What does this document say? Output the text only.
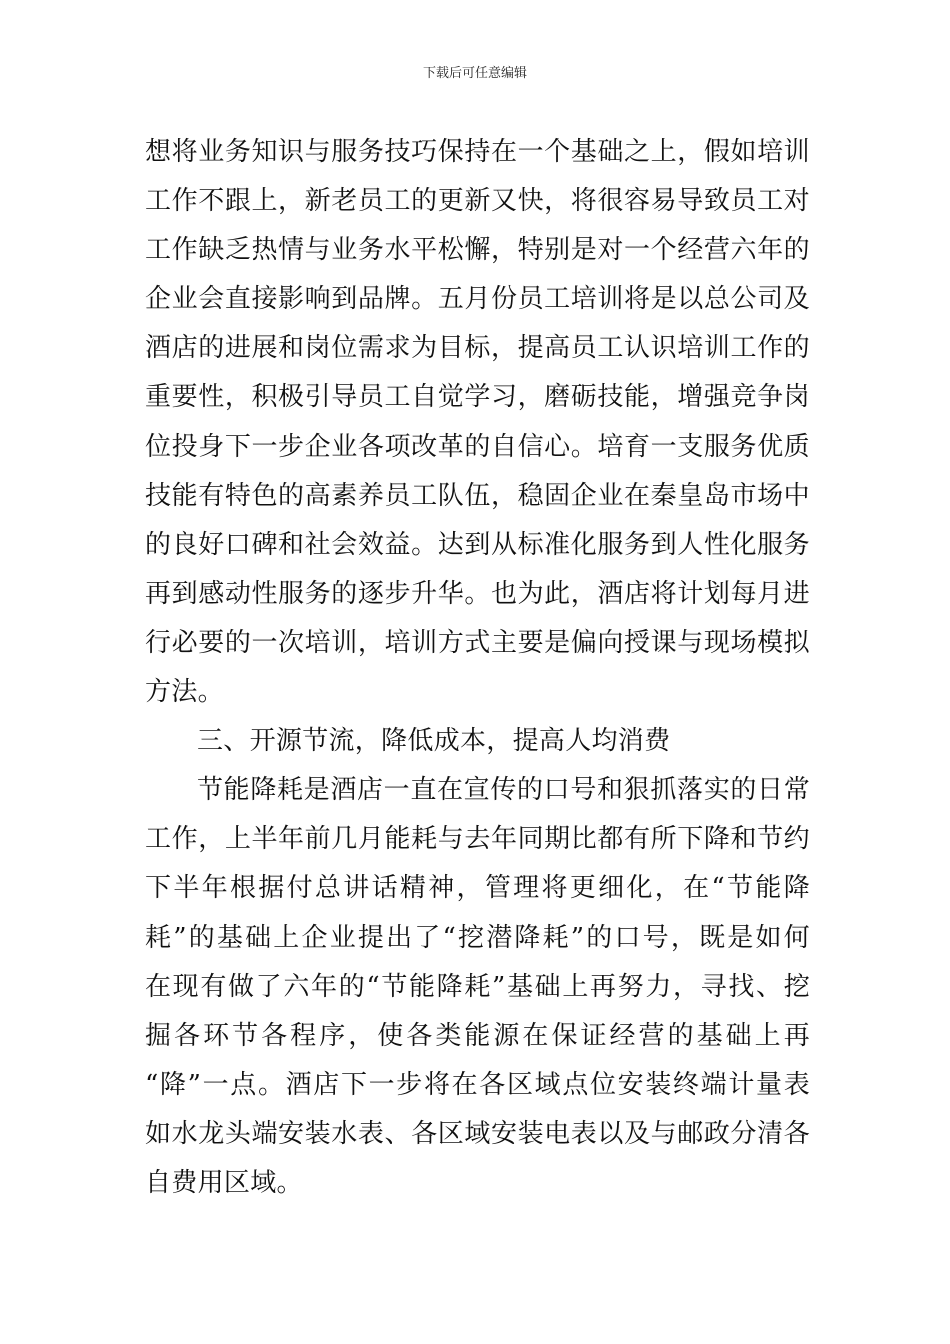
下载后可任意编辑
想将业务知识与服务技巧保持在一个基础之上，假如培训
工作不跟上，新老员工的更新又快，将很容易导致员工对
工作缺乏热情与业务水平松懈，特别是对一个经营六年的
企业会直接影响到品牌。五月份员工培训将是以总公司及
酒店的进展和岗位需求为目标，提高员工认识培训工作的
重要性，积极引导员工自觉学习，磨砺技能，增强竞争岗
位投身下一步企业各项改革的自信心。培育一支服务优质
技能有特色的高素养员工队伍，稳固企业在秦皇岛市场中
的良好口碑和社会效益。达到从标准化服务到人性化服务
再到感动性服务的逐步升华。也为此，酒店将计划每月进
行必要的一次培训，培训方式主要是偏向授课与现场模拟
方法。
三、开源节流，降低成本，提高人均消费
节能降耗是酒店一直在宣传的口号和狠抓落实的日常
工作，上半年前几月能耗与去年同期比都有所下降和节约
下半年根据付总讲话精神，管理将更细化，在“节能降
耗”的基础上企业提出了“挖潜降耗”的口号，既是如何
在现有做了六年的“节能降耗”基础上再努力，寻找、挖
掘各环节各程序，使各类能源在保证经营的基础上再
“降”一点。酒店下一步将在各区域点位安装终端计量表
如水龙头端安装水表、各区域安装电表以及与邮政分清各
自费用区域。
